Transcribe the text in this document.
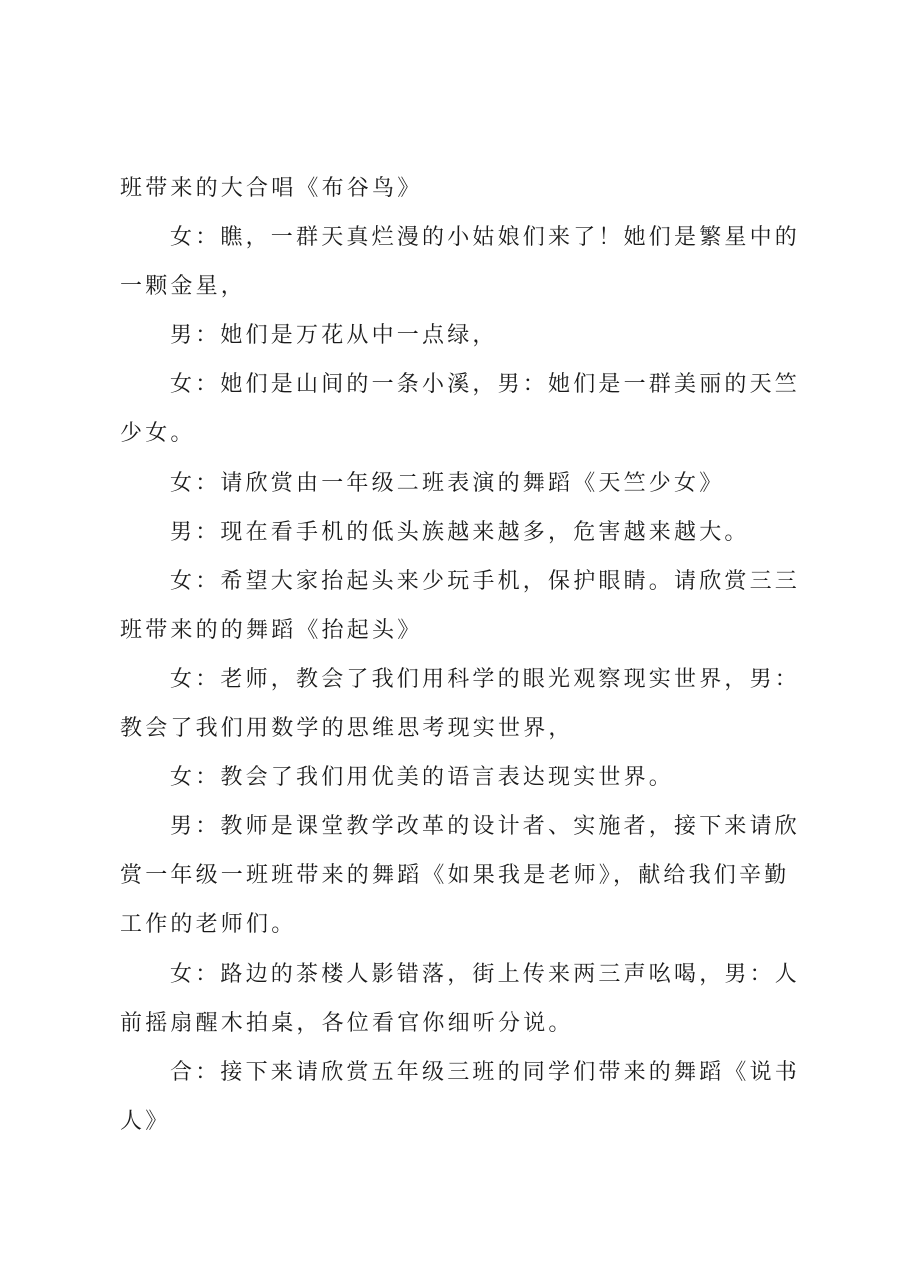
班带来的大合唱《布谷鸟》
女：瞧，一群天真烂漫的小姑娘们来了！她们是繁星中的
一颗金星，
男：她们是万花从中一点绿，
女：她们是山间的一条小溪，男：她们是一群美丽的天竺
少女。
女：请欣赏由一年级二班表演的舞蹈《天竺少女》
男：现在看手机的低头族越来越多，危害越来越大。
女：希望大家抬起头来少玩手机，保护眼睛。请欣赏三三
班带来的的舞蹈《抬起头》
女：老师，教会了我们用科学的眼光观察现实世界，男：
教会了我们用数学的思维思考现实世界，
女：教会了我们用优美的语言表达现实世界。
男：教师是课堂教学改革的设计者、实施者，接下来请欣
赏一年级一班班带来的舞蹈《如果我是老师》，献给我们辛勤
工作的老师们。
女：路边的茶楼人影错落，街上传来两三声吆喝，男：人
前摇扇醒木拍桌，各位看官你细听分说。
合：接下来请欣赏五年级三班的同学们带来的舞蹈《说书
人》
